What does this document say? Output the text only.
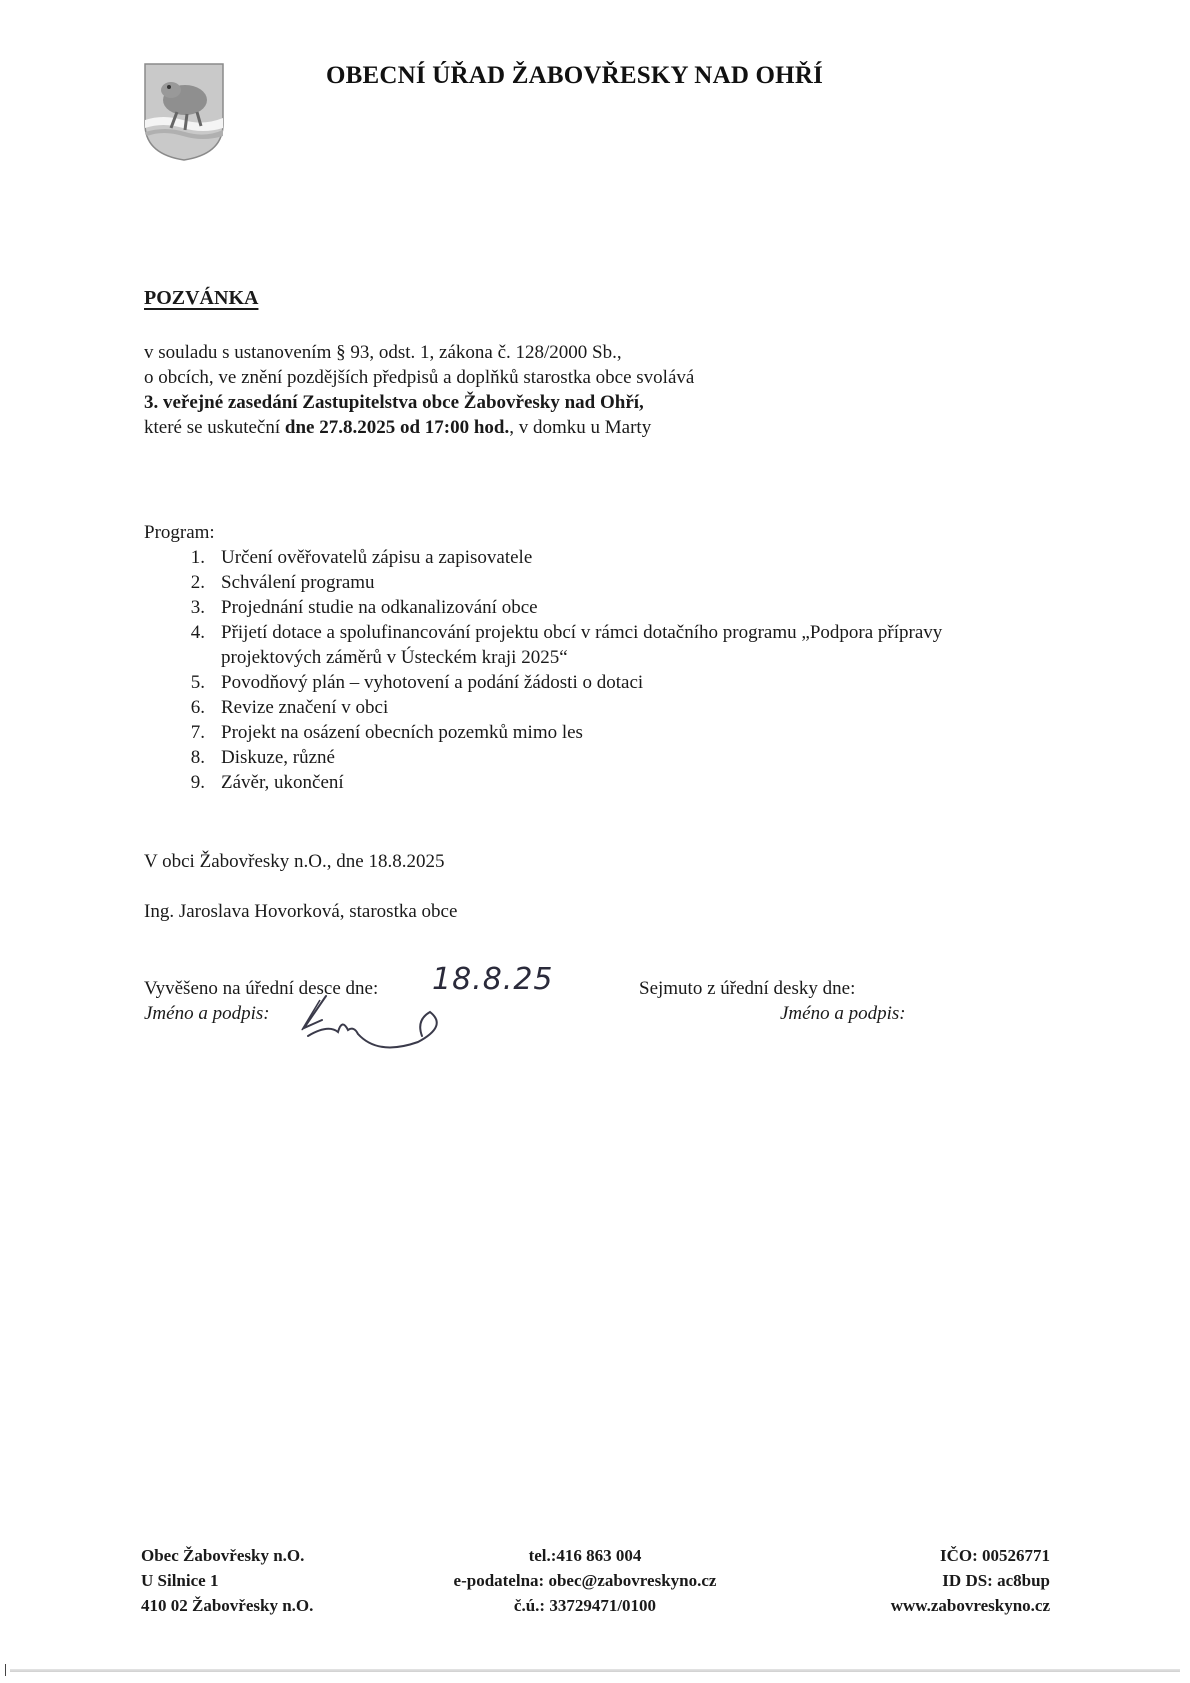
OBECNÍ ÚŘAD ŽABOVŘESKY NAD OHŘÍ
POZVÁNKA
v souladu s ustanovením § 93, odst. 1, zákona č. 128/2000 Sb.,
o obcích, ve znění pozdějších předpisů a doplňků starostka obce svolává
3. veřejné zasedání Zastupitelstva obce Žabovřesky nad Ohří,
které se uskuteční dne 27.8.2025 od 17:00 hod., v domku u Marty
Program:
1. Určení ověřovatelů zápisu a zapisovatele
2. Schválení programu
3. Projednání studie na odkanalizování obce
4. Přijetí dotace a spolufinancování projektu obcí v rámci dotačního programu „Podpora přípravy
projektových záměrů v Ústeckém kraji 2025“
5. Povodňový plán – vyhotovení a podání žádosti o dotaci
6. Revize značení v obci
7. Projekt na osázení obecních pozemků mimo les
8. Diskuze, různé
9. Závěr, ukončení
V obci Žabovřesky n.O., dne 18.8.2025
Ing. Jaroslava Hovorková, starostka obce
Vyvěšeno na úřední desce dne: 18.8.25
Jméno a podpis:
Sejmuto z úřední desky dne:
Jméno a podpis:
Obec Žabovřesky n.O.
U Silnice 1
410 02 Žabovřesky n.O.
tel.:416 863 004
e-podatelna: obec@zabovreskyno.cz
č.ú.: 33729471/0100
IČO: 00526771
ID DS: ac8bup
www.zabovreskyno.cz
